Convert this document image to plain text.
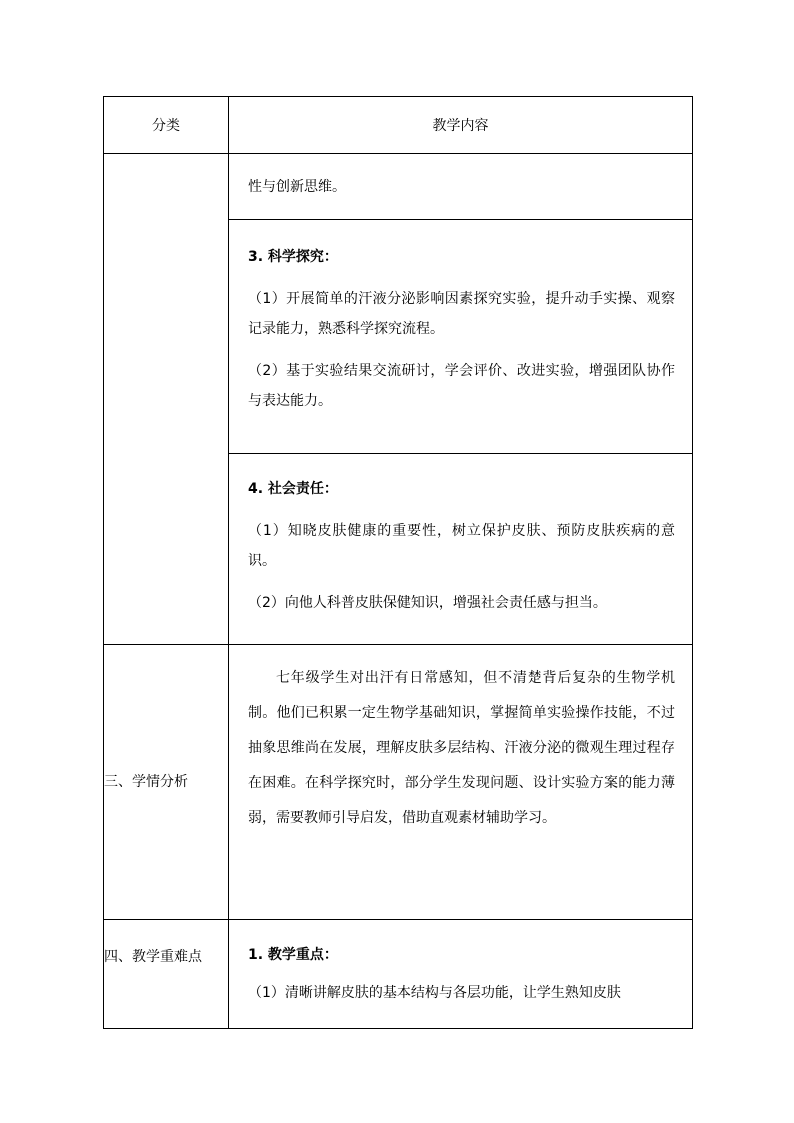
分类	教学内容

	性与创新思维。

	3. 科学探究：

（1）开展简单的汗液分泌影响因素探究实验，提升动手实操、观察记录能力，熟悉科学探究流程。

（2）基于实验结果交流研讨，学会评价、改进实验，增强团队协作与表达能力。

	4. 社会责任：

（1）知晓皮肤健康的重要性，树立保护皮肤、预防皮肤疾病的意识。

（2）向他人科普皮肤保健知识，增强社会责任感与担当。

三、学情分析	七年级学生对出汗有日常感知，但不清楚背后复杂的生物学机制。他们已积累一定生物学基础知识，掌握简单实验操作技能，不过抽象思维尚在发展，理解皮肤多层结构、汗液分泌的微观生理过程存在困难。在科学探究时，部分学生发现问题、设计实验方案的能力薄弱，需要教师引导启发，借助直观素材辅助学习。

四、教学重难点	1. 教学重点：

（1）清晰讲解皮肤的基本结构与各层功能，让学生熟知皮肤
